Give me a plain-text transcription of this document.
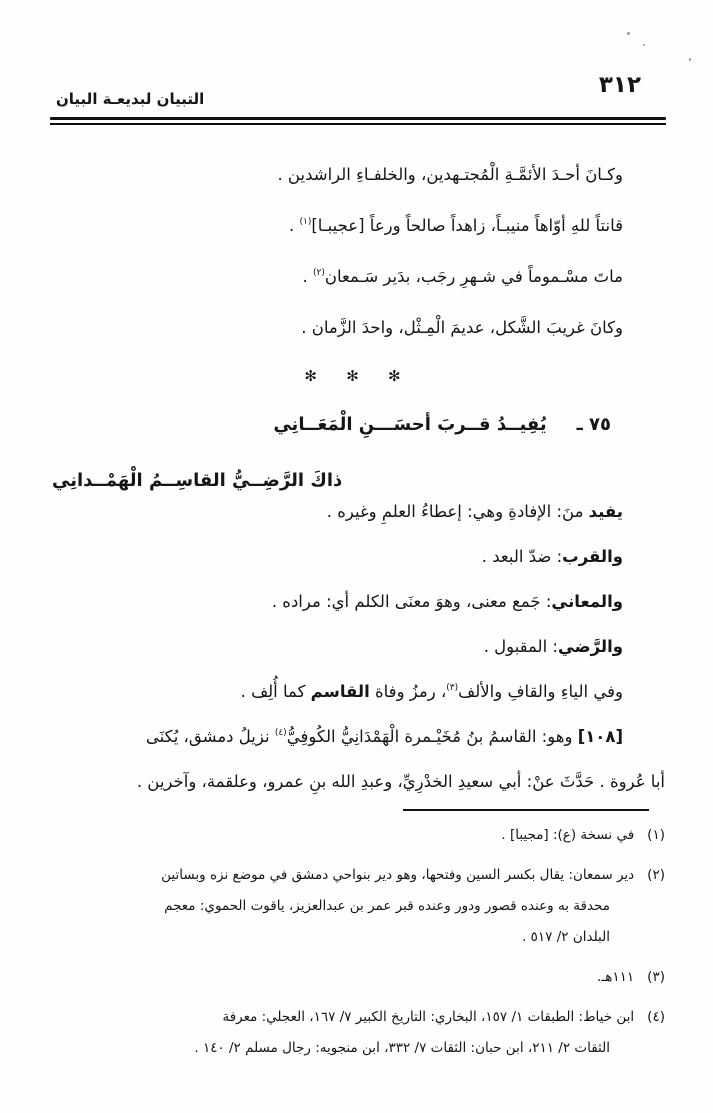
٣١٢
التبيان لبديعـة البيان
وكـانَ أحـدَ الأئمَّـةِ الْمُجتـهدين، والخلفـاءِ الراشدين .
قانتاً للهِ أوّاهاً منيبـاً، زاهداً صالحاً ورعاً [عجيبـا]$^{(١)}$ .
ماتَ مسْـموماً في شـهرِ رجَب، بدَير سَـمعان$^{(٢)}$ .
وكانَ غريبَ الشَّكل، عديمَ الْمِـثْل، واحدَ الزَّمان .
✻ ✻ ✻
٧٥ ـ
يُفِيــدُ قــربَ أحسَـــنِ الْمَعَــانِي
ذاكَ الرَّضِــيُّ القاسِــمُ الْهَمْــدانِي
يفيد منَ: الإفادةِ وهي: إعطاءُ العلمِ وغيره .
والقرب: ضدّ البعد .
والمعاني: جَمع معنى، وهوَ معنَى الكلم أي: مراده .
والرَّضي: المقبول .
وفي الياءِ والقافِ والألف$^{(٣)}$، رمزُ وفاة القاسم كما أُلِف .
[١٠٨] وهو: القاسمُ بنُ مُخَيْـمرة الْهَمْدَانِيُّ الكُوفِيُّ$^{(٤)}$ نزيلُ دمشق، يُكنَى
أبا عُروة . حَدَّثَ عنْ: أبي سعيدِ الخدْرِيِّ، وعبدِ الله بنِ عمرو، وعلقمة، وآخرين .
(١)في نسخة (ع): [مجيبا] .
(٢)دير سمعان: يقال بكسر السين وفتحها، وهو دير بنواحي دمشق في موضع نزه وبساتين
محدقة به وعنده قصور ودور وعنده قبر عمر بن عبدالعزيز، ياقوت الحموي: معجم
البلدان ٢/ ٥١٧ .
(٣)١١١هـ.
(٤)ابن خياط: الطبقات ١/ ١٥٧، البخاري: التاريخ الكبير ٧/ ١٦٧، العجلي: معرفة
الثقات ٢/ ٢١١، ابن حبان: الثقات ٧/ ٣٣٢، ابن منجويه: رجال مسلم ٢/ ١٤٠ .
